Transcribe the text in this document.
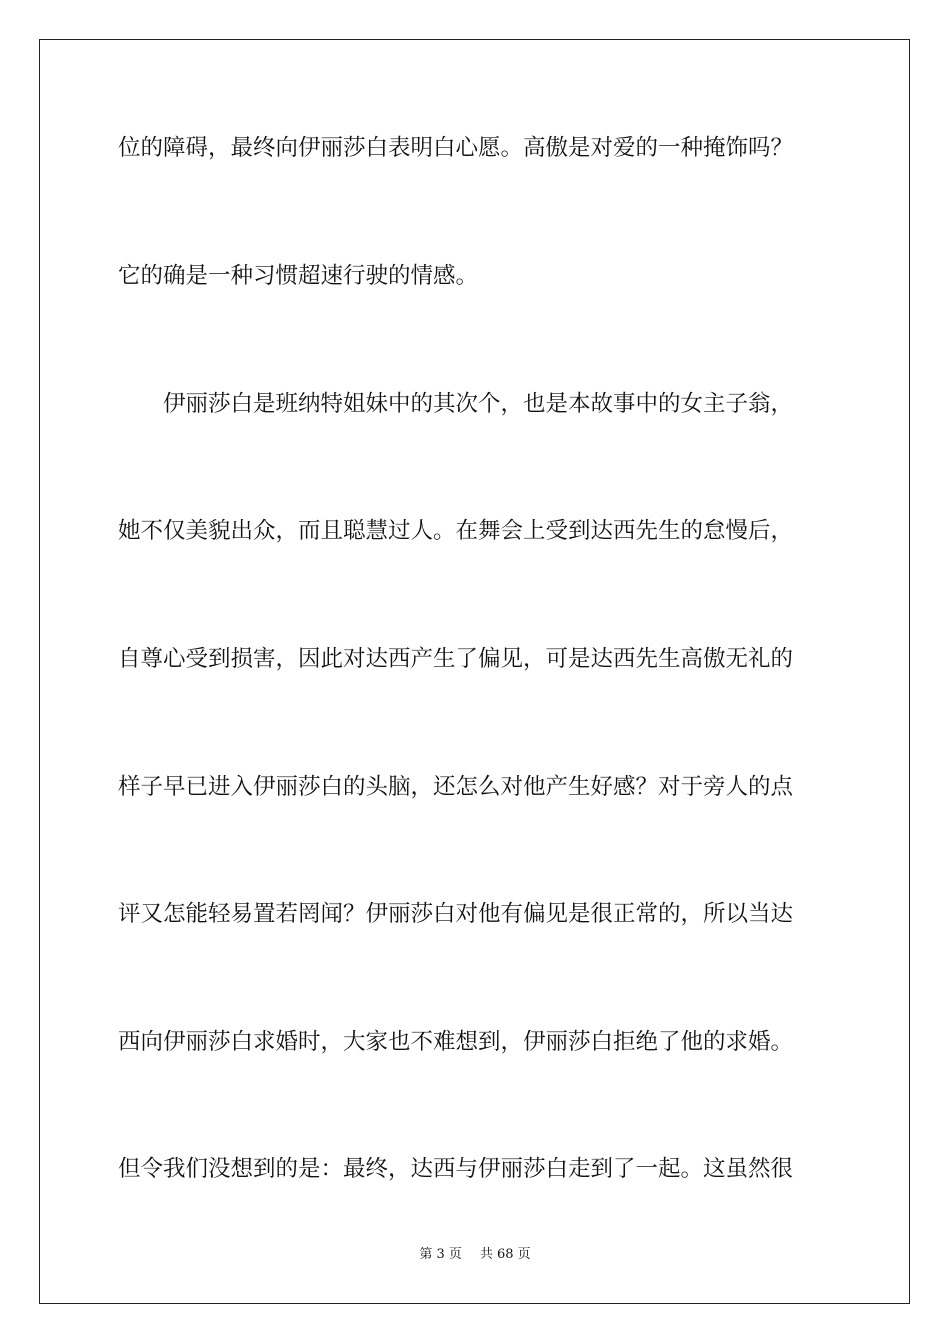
位的障碍，最终向伊丽莎白表明白心愿。高傲是对爱的一种掩饰吗？
它的确是一种习惯超速行驶的情感。
伊丽莎白是班纳特姐妹中的其次个，也是本故事中的女主子翁，
她不仅美貌出众，而且聪慧过人。在舞会上受到达西先生的怠慢后，
自尊心受到损害，因此对达西产生了偏见，可是达西先生高傲无礼的
样子早已进入伊丽莎白的头脑，还怎么对他产生好感？对于旁人的点
评又怎能轻易置若罔闻？伊丽莎白对他有偏见是很正常的，所以当达
西向伊丽莎白求婚时，大家也不难想到，伊丽莎白拒绝了他的求婚。
但令我们没想到的是：最终，达西与伊丽莎白走到了一起。这虽然很
第 3 页 共 68 页
